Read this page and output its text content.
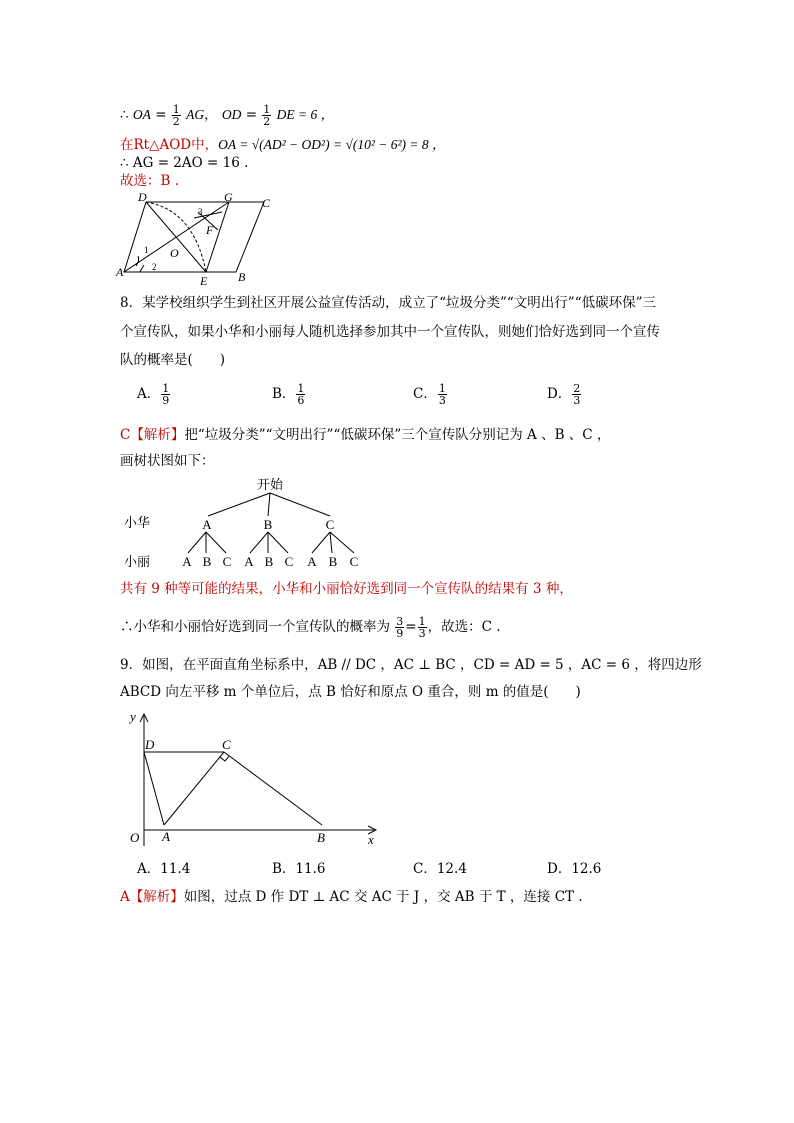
∴ OA = $\frac{1}{2}$ AG， OD = $\frac{1}{2}$ DE = 6 ，
在Rt△AOD中，OA = √(AD² − OD²) = √(10² − 6²) = 8 ，
∴ AG = 2AO = 16 .
故选：B .
D	G C
3
F
1 O
2
A
E	B
8．某学校组织学生到社区开展公益宣传活动，成立了“垃圾分类”“文明出行”“低碳环保”三
个宣传队，如果小华和小丽每人随机选择参加其中一个宣传队，则她们恰好选到同一个宣传
队的概率是(　　)
A． $\frac{1}{9}$	B． $\frac{1}{6}$	C． $\frac{1}{3}$	D． $\frac{2}{3}$
C【解析】把“垃圾分类”“文明出行”“低碳环保”三个宣传队分别记为 A 、B 、C ，
画树状图如下：
开始
小华
小丽
A	B	C
A B C A B C A B C
共有 9 种等可能的结果，小华和小丽恰好选到同一个宣传队的结果有 3 种，
∴小华和小丽恰好选到同一个宣传队的概率为 $\frac{3}{9} = \frac{1}{3}$ ，故选：C .
9．如图，在平面直角坐标系中，AB // DC ，AC ⊥ BC ，CD = AD = 5 ，AC = 6 ，将四边形
ABCD 向左平移 m 个单位后，点 B 恰好和原点 O 重合，则 m 的值是(　　)
y
D	C
O A	B	x
A．11.4	B．11.6	C．12.4	D．12.6
A【解析】如图，过点 D 作 DT ⊥ AC 交 AC 于 J ，交 AB 于 T ，连接 CT .
